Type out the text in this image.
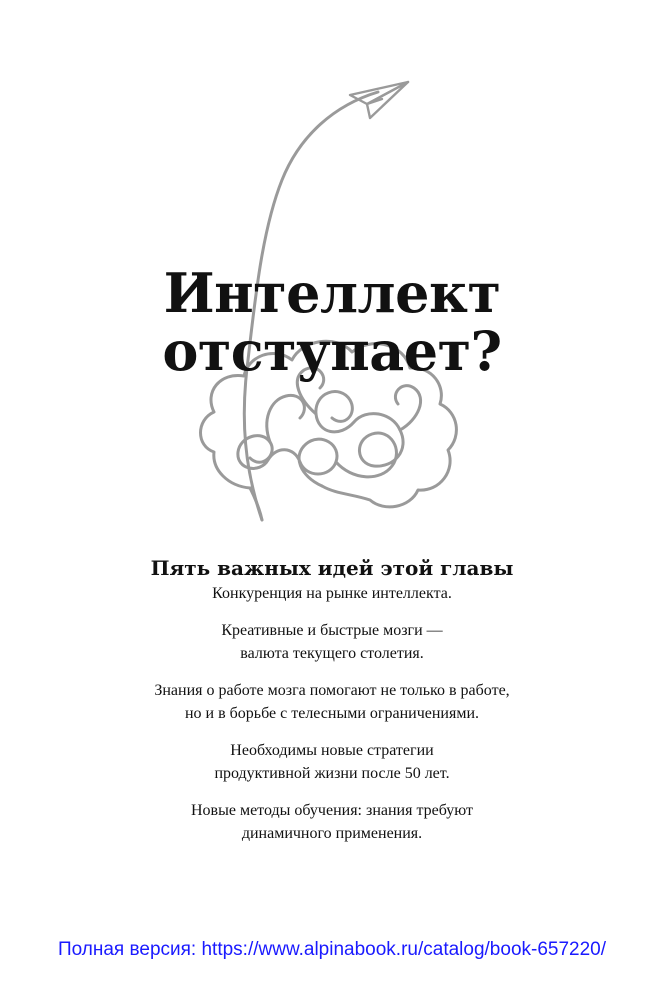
Интеллект
отступает?
Пять важных идей этой главы
Конкуренция на рынке интеллекта.
Креативные и быстрые мозги —
валюта текущего столетия.
Знания о работе мозга помогают не только в работе,
но и в борьбе с телесными ограничениями.
Необходимы новые стратегии
продуктивной жизни после 50 лет.
Новые методы обучения: знания требуют
динамичного применения.
Полная версия: https://www.alpinabook.ru/catalog/book-657220/
